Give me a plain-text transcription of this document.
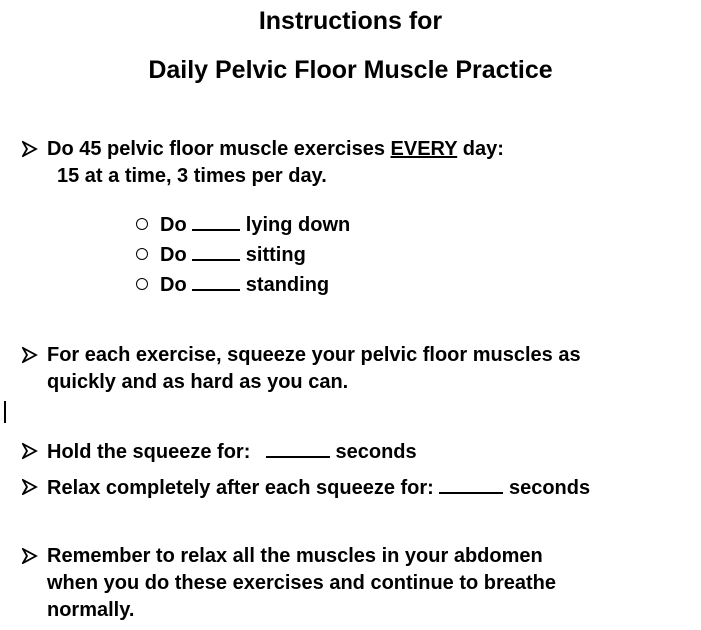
Instructions for
Daily Pelvic Floor Muscle Practice
Do 45 pelvic floor muscle exercises EVERY day:
15 at a time, 3 times per day.
Do	lying down
Do	sitting
Do	standing
For each exercise, squeeze your pelvic floor muscles as
quickly and as hard as you can.
Hold the squeeze for:	seconds
Relax completely after each squeeze for:	seconds
Remember to relax all the muscles in your abdomen
when you do these exercises and continue to breathe
normally.
